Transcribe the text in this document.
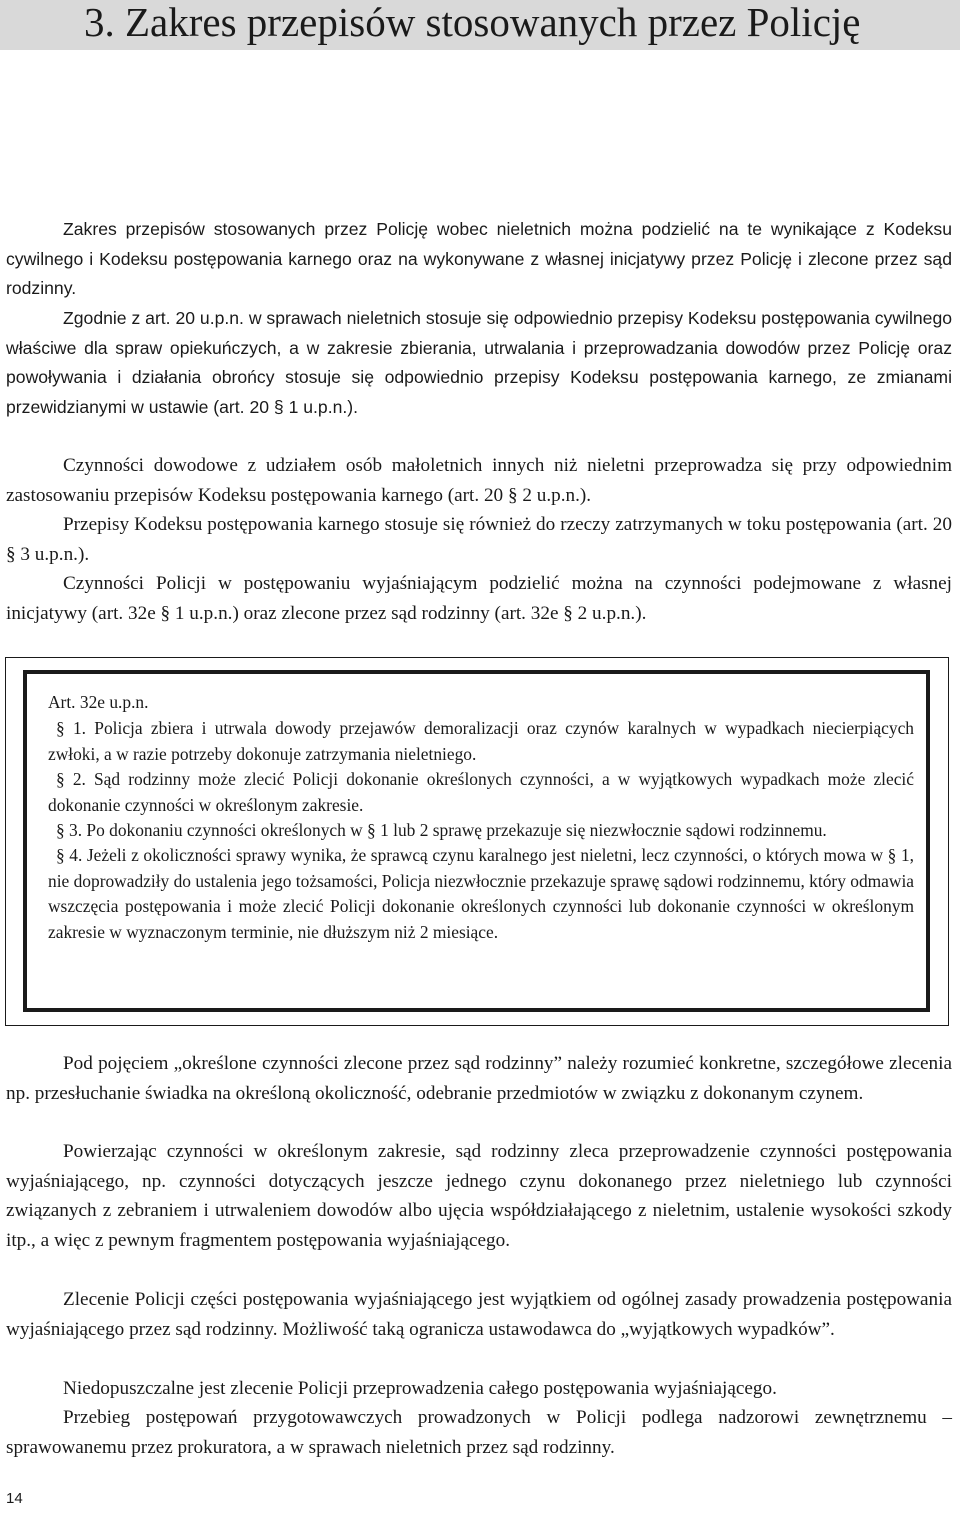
3. Zakres przepisów stosowanych przez Policję

Zakres przepisów stosowanych przez Policję wobec nieletnich można podzielić na te wynikające z Kodeksu cywilnego i Kodeksu postępowania karnego oraz na wykonywane z własnej inicjatywy przez Policję i zlecone przez sąd rodzinny.

Zgodnie z art. 20 u.p.n. w sprawach nieletnich stosuje się odpowiednio przepisy Kodeksu postępowania cywilnego właściwe dla spraw opiekuńczych, a w zakresie zbierania, utrwalania i przeprowadzania dowodów przez Policję oraz powoływania i działania obrońcy stosuje się odpowiednio przepisy Kodeksu postępowania karnego, ze zmianami przewidzianymi w ustawie (art. 20 § 1 u.p.n.).

Czynności dowodowe z udziałem osób małoletnich innych niż nieletni przeprowadza się przy odpowiednim zastosowaniu przepisów Kodeksu postępowania karnego (art. 20 § 2 u.p.n.).

Przepisy Kodeksu postępowania karnego stosuje się również do rzeczy zatrzymanych w toku postępowania (art. 20 § 3 u.p.n.).

Czynności Policji w postępowaniu wyjaśniającym podzielić można na czynności podejmowane z własnej inicjatywy (art. 32e § 1 u.p.n.) oraz zlecone przez sąd rodzinny (art. 32e § 2 u.p.n.).

Art. 32e u.p.n.

§ 1. Policja zbiera i utrwala dowody przejawów demoralizacji oraz czynów karalnych w wypadkach niecierpiących zwłoki, a w razie potrzeby dokonuje zatrzymania nieletniego.

§ 2. Sąd rodzinny może zlecić Policji dokonanie określonych czynności, a w wyjątkowych wypadkach może zlecić dokonanie czynności w określonym zakresie.

§ 3. Po dokonaniu czynności określonych w § 1 lub 2 sprawę przekazuje się niezwłocznie sądowi rodzinnemu.

§ 4. Jeżeli z okoliczności sprawy wynika, że sprawcą czynu karalnego jest nieletni, lecz czynności, o których mowa w § 1, nie doprowadziły do ustalenia jego tożsamości, Policja niezwłocznie przekazuje sprawę sądowi rodzinnemu, który odmawia wszczęcia postępowania i może zlecić Policji dokonanie określonych czynności lub dokonanie czynności w określonym zakresie w wyznaczonym terminie, nie dłuższym niż 2 miesiące.

Pod pojęciem „określone czynności zlecone przez sąd rodzinny” należy rozumieć konkretne, szczegółowe zlecenia np. przesłuchanie świadka na określoną okoliczność, odebranie przedmiotów w związku z dokonanym czynem.

Powierzając czynności w określonym zakresie, sąd rodzinny zleca przeprowadzenie czynności postępowania wyjaśniającego, np. czynności dotyczących jeszcze jednego czynu dokonanego przez nieletniego lub czynności związanych z zebraniem i utrwaleniem dowodów albo ujęcia współdziałającego z nieletnim, ustalenie wysokości szkody itp., a więc z pewnym fragmentem postępowania wyjaśniającego.

Zlecenie Policji części postępowania wyjaśniającego jest wyjątkiem od ogólnej zasady prowadzenia postępowania wyjaśniającego przez sąd rodzinny. Możliwość taką ogranicza ustawodawca do „wyjątkowych wypadków”.

Niedopuszczalne jest zlecenie Policji przeprowadzenia całego postępowania wyjaśniającego.

Przebieg postępowań przygotowawczych prowadzonych w Policji podlega nadzorowi zewnętrznemu – sprawowanemu przez prokuratora, a w sprawach nieletnich przez sąd rodzinny.

14
